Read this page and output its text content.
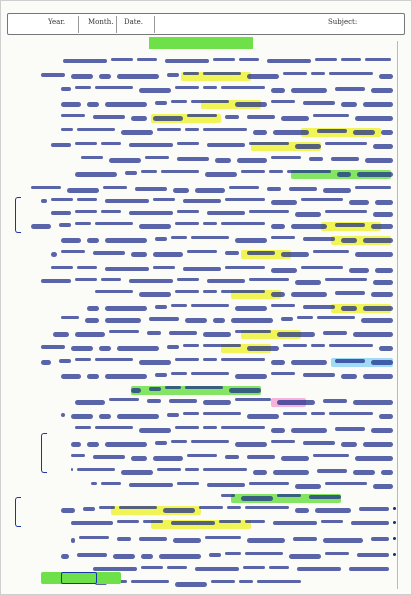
Year.	Month. Date.	Subject:
